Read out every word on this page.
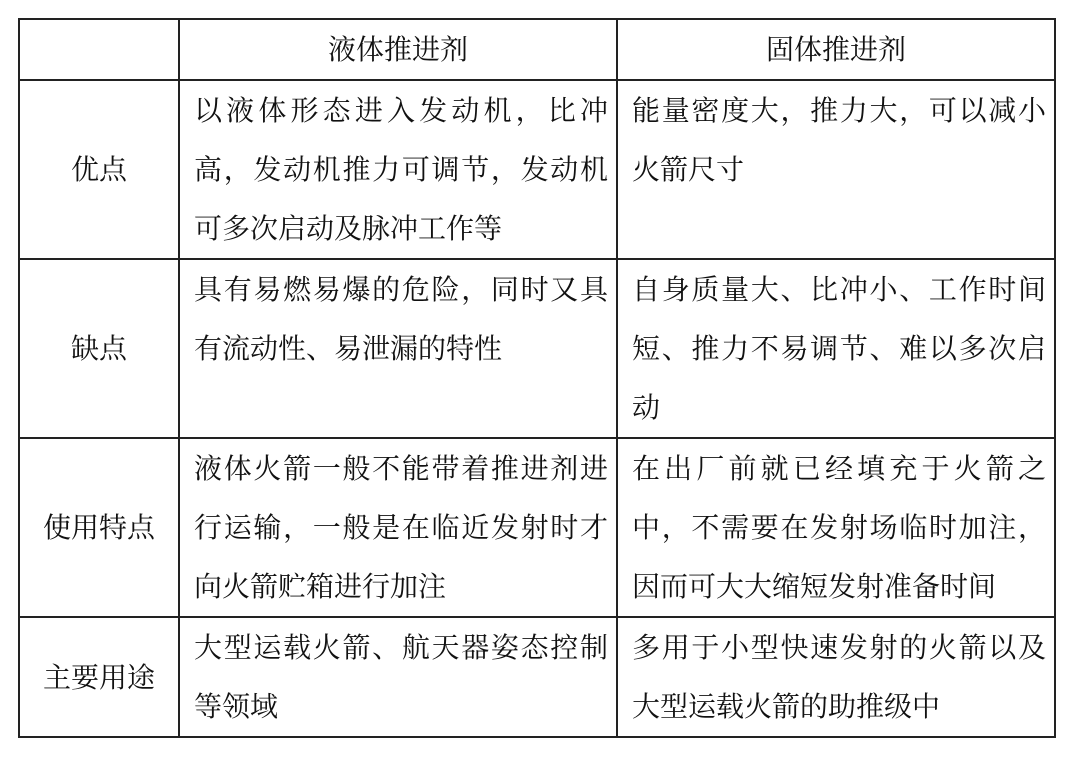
	液体推进剂	固体推进剂
优点	以液体形态进入发动机，比冲高，发动机推力可调节，发动机可多次启动及脉冲工作等	能量密度大，推力大，可以减小火箭尺寸
缺点	具有易燃易爆的危险，同时又具有流动性、易泄漏的特性	自身质量大、比冲小、工作时间短、推力不易调节、难以多次启动
使用特点	液体火箭一般不能带着推进剂进行运输，一般是在临近发射时才向火箭贮箱进行加注	在出厂前就已经填充于火箭之中，不需要在发射场临时加注，因而可大大缩短发射准备时间
主要用途	大型运载火箭、航天器姿态控制等领域	多用于小型快速发射的火箭以及大型运载火箭的助推级中
